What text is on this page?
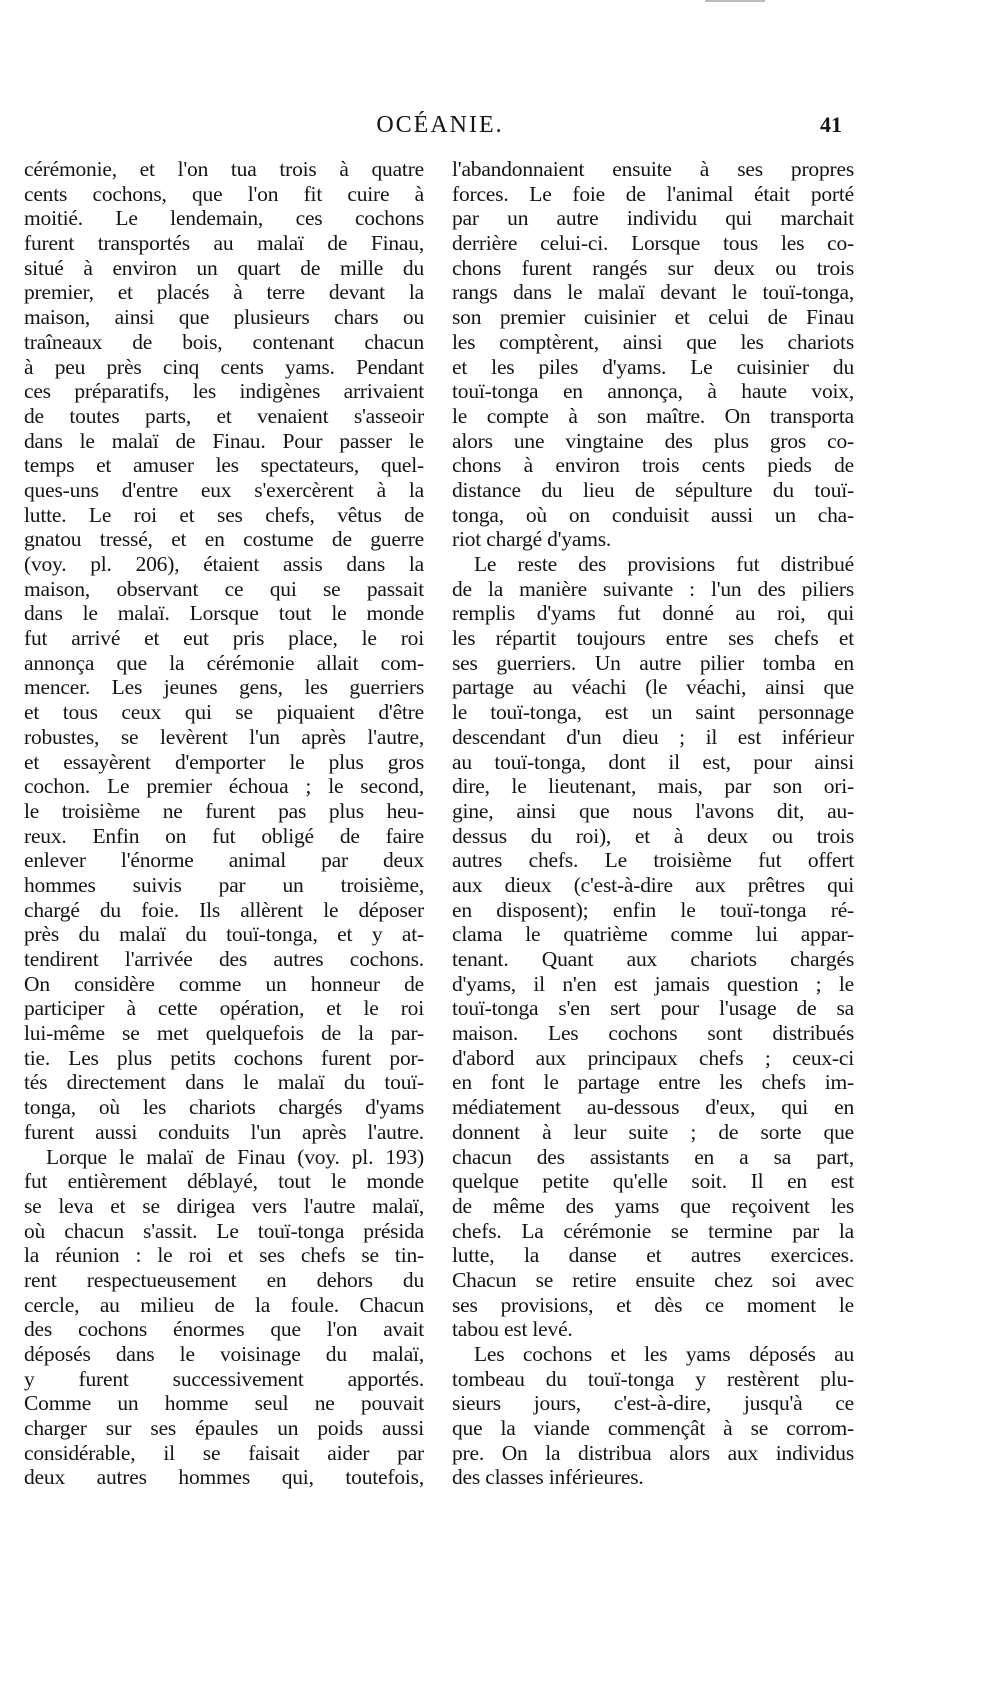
OCÉANIE.	41
cérémonie, et l'on tua trois à quatre
cents cochons, que l'on fit cuire à
moitié. Le lendemain, ces cochons
furent transportés au malaï de Finau,
situé à environ un quart de mille du
premier, et placés à terre devant la
maison, ainsi que plusieurs chars ou
traîneaux de bois, contenant chacun
à peu près cinq cents yams. Pendant
ces préparatifs, les indigènes arrivaient
de toutes parts, et venaient s'asseoir
dans le malaï de Finau. Pour passer le
temps et amuser les spectateurs, quel-
ques-uns d'entre eux s'exercèrent à la
lutte. Le roi et ses chefs, vêtus de
gnatou tressé, et en costume de guerre
(voy. pl. 206), étaient assis dans la
maison, observant ce qui se passait
dans le malaï. Lorsque tout le monde
fut arrivé et eut pris place, le roi
annonça que la cérémonie allait com-
mencer. Les jeunes gens, les guerriers
et tous ceux qui se piquaient d'être
robustes, se levèrent l'un après l'autre,
et essayèrent d'emporter le plus gros
cochon. Le premier échoua ; le second,
le troisième ne furent pas plus heu-
reux. Enfin on fut obligé de faire
enlever l'énorme animal par deux
hommes suivis par un troisième,
chargé du foie. Ils allèrent le déposer
près du malaï du touï-tonga, et y at-
tendirent l'arrivée des autres cochons.
On considère comme un honneur de
participer à cette opération, et le roi
lui-même se met quelquefois de la par-
tie. Les plus petits cochons furent por-
tés directement dans le malaï du touï-
tonga, où les chariots chargés d'yams
furent aussi conduits l'un après l'autre.
Lorque le malaï de Finau (voy. pl. 193)
fut entièrement déblayé, tout le monde
se leva et se dirigea vers l'autre malaï,
où chacun s'assit. Le touï-tonga présida
la réunion : le roi et ses chefs se tin-
rent respectueusement en dehors du
cercle, au milieu de la foule. Chacun
des cochons énormes que l'on avait
déposés dans le voisinage du malaï,
y furent successivement apportés.
Comme un homme seul ne pouvait
charger sur ses épaules un poids aussi
considérable, il se faisait aider par
deux autres hommes qui, toutefois,
l'abandonnaient ensuite à ses propres
forces. Le foie de l'animal était porté
par un autre individu qui marchait
derrière celui-ci. Lorsque tous les co-
chons furent rangés sur deux ou trois
rangs dans le malaï devant le touï-tonga,
son premier cuisinier et celui de Finau
les comptèrent, ainsi que les chariots
et les piles d'yams. Le cuisinier du
touï-tonga en annonça, à haute voix,
le compte à son maître. On transporta
alors une vingtaine des plus gros co-
chons à environ trois cents pieds de
distance du lieu de sépulture du touï-
tonga, où on conduisit aussi un cha-
riot chargé d'yams.
Le reste des provisions fut distribué
de la manière suivante : l'un des piliers
remplis d'yams fut donné au roi, qui
les répartit toujours entre ses chefs et
ses guerriers. Un autre pilier tomba en
partage au véachi (le véachi, ainsi que
le touï-tonga, est un saint personnage
descendant d'un dieu ; il est inférieur
au touï-tonga, dont il est, pour ainsi
dire, le lieutenant, mais, par son ori-
gine, ainsi que nous l'avons dit, au-
dessus du roi), et à deux ou trois
autres chefs. Le troisième fut offert
aux dieux (c'est-à-dire aux prêtres qui
en disposent); enfin le touï-tonga ré-
clama le quatrième comme lui appar-
tenant. Quant aux chariots chargés
d'yams, il n'en est jamais question ; le
touï-tonga s'en sert pour l'usage de sa
maison. Les cochons sont distribués
d'abord aux principaux chefs ; ceux-ci
en font le partage entre les chefs im-
médiatement au-dessous d'eux, qui en
donnent à leur suite ; de sorte que
chacun des assistants en a sa part,
quelque petite qu'elle soit. Il en est
de même des yams que reçoivent les
chefs. La cérémonie se termine par la
lutte, la danse et autres exercices.
Chacun se retire ensuite chez soi avec
ses provisions, et dès ce moment le
tabou est levé.
Les cochons et les yams déposés au
tombeau du touï-tonga y restèrent plu-
sieurs jours, c'est-à-dire, jusqu'à ce
que la viande commençât à se corrom-
pre. On la distribua alors aux individus
des classes inférieures.
